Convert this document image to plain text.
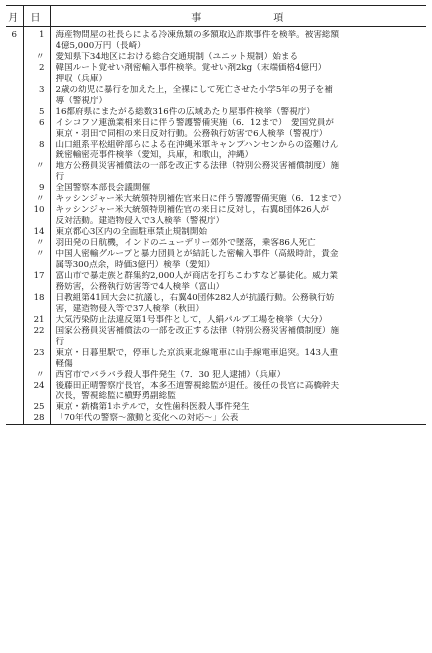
月	日	事 項

6	1	海産物問屋の社長らによる冷凍魚類の多額取込詐欺事件を検挙。被害総額
4億5,000万円（長崎）

	〃	愛知県下34地区における総合交通規制（ユニット規制）始まる

	2	韓国ルート覚せい剤密輸入事件検挙。覚せい剤2kg（末端価格4億円）
押収（兵庫）

	3	2歳の幼児に暴行を加えた上，全裸にして死亡させた小学5年の男子を補
導（警視庁）

	5	16都府県にまたがる総数316件の広域あたり屋事件検挙（警視庁）

	6	イシコフソ連漁業相来日に伴う警護警備実施（6．12まで）　愛国党員が
東京・羽田で同相の来日反対行動。公務執行妨害で6人検挙（警視庁）

	8	山口組系平松組幹部らによる在沖縄米軍キャンプハンセンからの盗難けん
銃密輸密売事件検挙（愛知，兵庫，和歌山，沖縄）

	〃	地方公務員災害補償法の一部を改正する法律（特別公務災害補償制度）施
行

	9	全国警察本部長会議開催

	〃	キッシンジャー米大統領特別補佐官来日に伴う警護警備実施（6．12まで）

	10	キッシンジャー米大統領特別補佐官の来日に反対し，右翼8団体26人が
反対活動。建造物侵入で3人検挙（警視庁）

	14	東京都心3区内の全面駐車禁止規制開始

	〃	羽田発の日航機，インドのニューデリー郊外で墜落，乗客86人死亡

	〃	中国人密輸グループと暴力団員とが結託した密輸入事件（高級時計，貴金
属等300点余，時価3億円）検挙（愛知）

	17	富山市で暴走族と群集約2,000人が商店を打ちこわすなど暴徒化。威力業
務妨害，公務執行妨害等で4人検挙（富山）

	18	日教組第41回大会に抗議し，右翼40団体282人が抗議行動。公務執行妨
害，建造物侵入等で37人検挙（秋田）

	21	大気汚染防止法違反第1号事件として，人絹パルプ工場を検挙（大分）

	22	国家公務員災害補償法の一部を改正する法律（特別公務災害補償制度）施
行

	23	東京・日暮里駅で，停車した京浜東北線電車に山手線電車追突。143人重
軽傷

	〃	西宮市でバラバラ殺人事件発生（7．30 犯人逮捕）（兵庫）

	24	後藤田正晴警察庁長官，本多丕道警視総監が退任。後任の長官に高橋幹夫
次長，警視総監に槇野勇副総監

	25	東京・新橋第1ホテルで，女性歯科医殺人事件発生

	28	「70年代の警察〜激動と変化への対応〜」公表
